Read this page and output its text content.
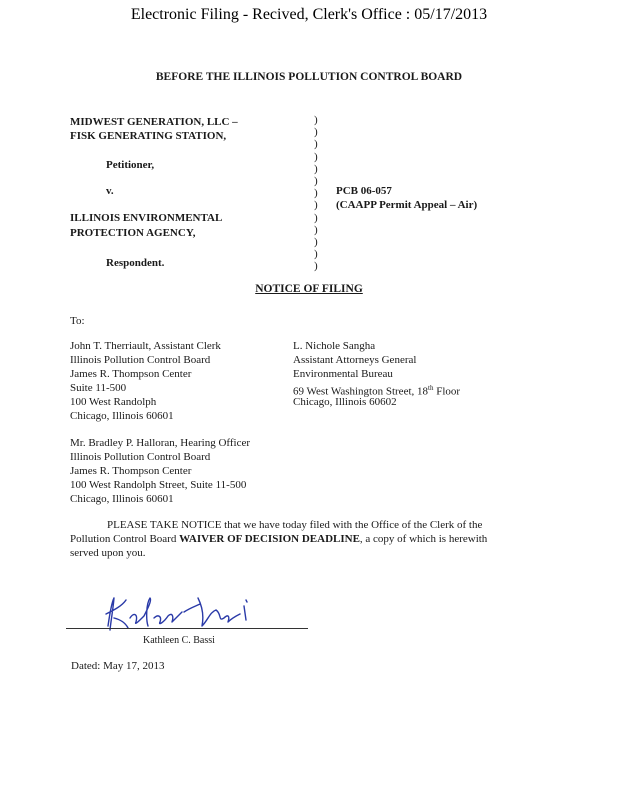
Electronic Filing - Recived, Clerk's Office : 05/17/2013
BEFORE THE ILLINOIS POLLUTION CONTROL BOARD
MIDWEST GENERATION, LLC –
FISK GENERATING STATION,
Petitioner,
v.
ILLINOIS ENVIRONMENTAL
PROTECTION AGENCY,
Respondent.
)
)
)
)
)
)
)
)
)
)
)
)
)
PCB 06-057
(CAAPP Permit Appeal – Air)
NOTICE OF FILING
To:
John T. Therriault, Assistant Clerk
Illinois Pollution Control Board
James R. Thompson Center
Suite 11-500
100 West Randolph
Chicago, Illinois 60601
L. Nichole Sangha
Assistant Attorneys General
Environmental Bureau
69 West Washington Street, 18th Floor
Chicago, Illinois 60602
Mr. Bradley P. Halloran, Hearing Officer
Illinois Pollution Control Board
James R. Thompson Center
100 West Randolph Street, Suite 11-500
Chicago, Illinois 60601
PLEASE TAKE NOTICE that we have today filed with the Office of the Clerk of the
Pollution Control Board WAIVER OF DECISION DEADLINE, a copy of which is herewith
served upon you.
Kathleen C. Bassi
Dated: May 17, 2013
